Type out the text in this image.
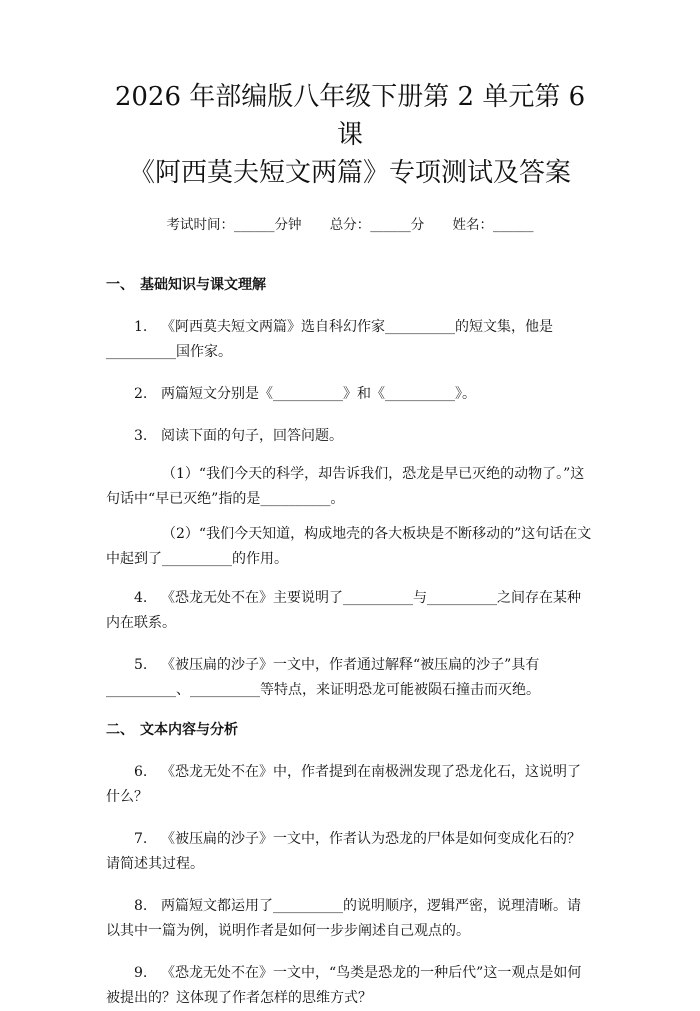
2026 年部编版八年级下册第 2 单元第 6 课
《阿西莫夫短文两篇》专项测试及答案
考试时间：______分钟 总分：______分 姓名：______
一、 基础知识与课文理解

1. 《阿西莫夫短文两篇》选自科幻作家__________的短文集，他是__________国作家。

2. 两篇短文分别是《__________》和《__________》。

3. 阅读下面的句子，回答问题。

（1）“我们今天的科学，却告诉我们，恐龙是早已灭绝的动物了。”这句话中“早已灭绝”指的是__________。

（2）“我们今天知道，构成地壳的各大板块是不断移动的”这句话在文中起到了__________的作用。

4. 《恐龙无处不在》主要说明了__________与__________之间存在某种内在联系。

5. 《被压扁的沙子》一文中，作者通过解释“被压扁的沙子”具有__________、__________等特点，来证明恐龙可能被陨石撞击而灭绝。

二、 文本内容与分析

6. 《恐龙无处不在》中，作者提到在南极洲发现了恐龙化石，这说明了什么？

7. 《被压扁的沙子》一文中，作者认为恐龙的尸体是如何变成化石的？请简述其过程。

8. 两篇短文都运用了__________的说明顺序，逻辑严密，说理清晰。请以其中一篇为例，说明作者是如何一步步阐述自己观点的。

9. 《恐龙无处不在》一文中，“鸟类是恐龙的一种后代”这一观点是如何被提出的？这体现了作者怎样的思维方式？
